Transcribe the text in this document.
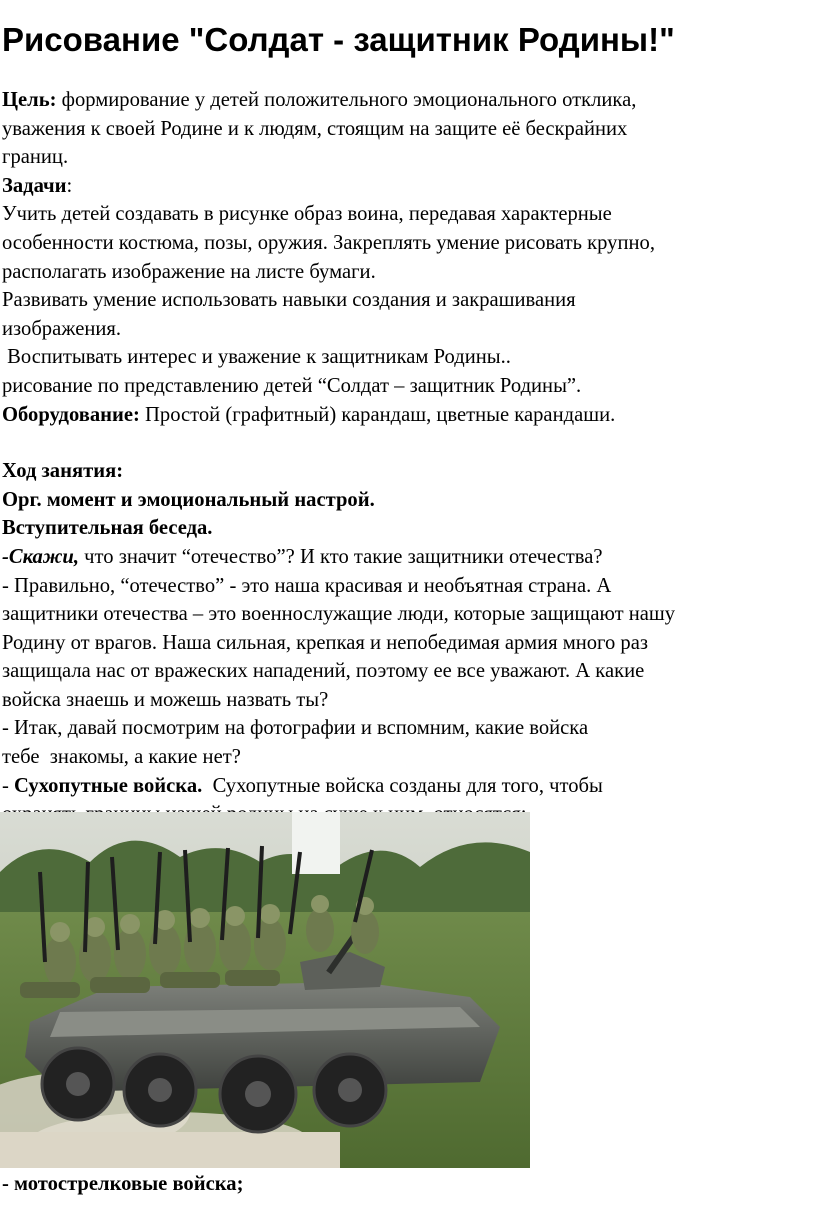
Рисование "Солдат - защитник Родины!"

Цель: формирование у детей положительного эмоционального отклика,

уважения к своей Родине и к людям, стоящим на защите её бескрайних

границ.

Задачи:

Учить детей создавать в рисунке образ воина, передавая характерные

особенности костюма, позы, оружия. Закреплять умение рисовать крупно,

располагать изображение на листе бумаги.

Развивать умение использовать навыки создания и закрашивания

изображения.

Воспитывать интерес и уважение к защитникам Родины..

рисование по представлению детей “Солдат – защитник Родины”.

Оборудование: Простой (графитный) карандаш, цветные карандаши.

Ход занятия:

Орг. момент и эмоциональный настрой.

Вступительная беседа.

-Скажи, что значит “отечество”? И кто такие защитники отечества?

- Правильно, “отечество” - это наша красивая и необъятная страна. А

защитники отечества – это военнослужащие люди, которые защищают нашу

Родину от врагов. Наша сильная, крепкая и непобедимая армия много раз

защищала нас от вражеских нападений, поэтому ее все уважают. А какие

войска знаешь и можешь назвать ты?

- Итак, давай посмотрим на фотографии и вспомним, какие войска

тебе  знакомы, а какие нет?

- Сухопутные войска.  Сухопутные войска созданы для того, чтобы

- мотострелковые войска;
